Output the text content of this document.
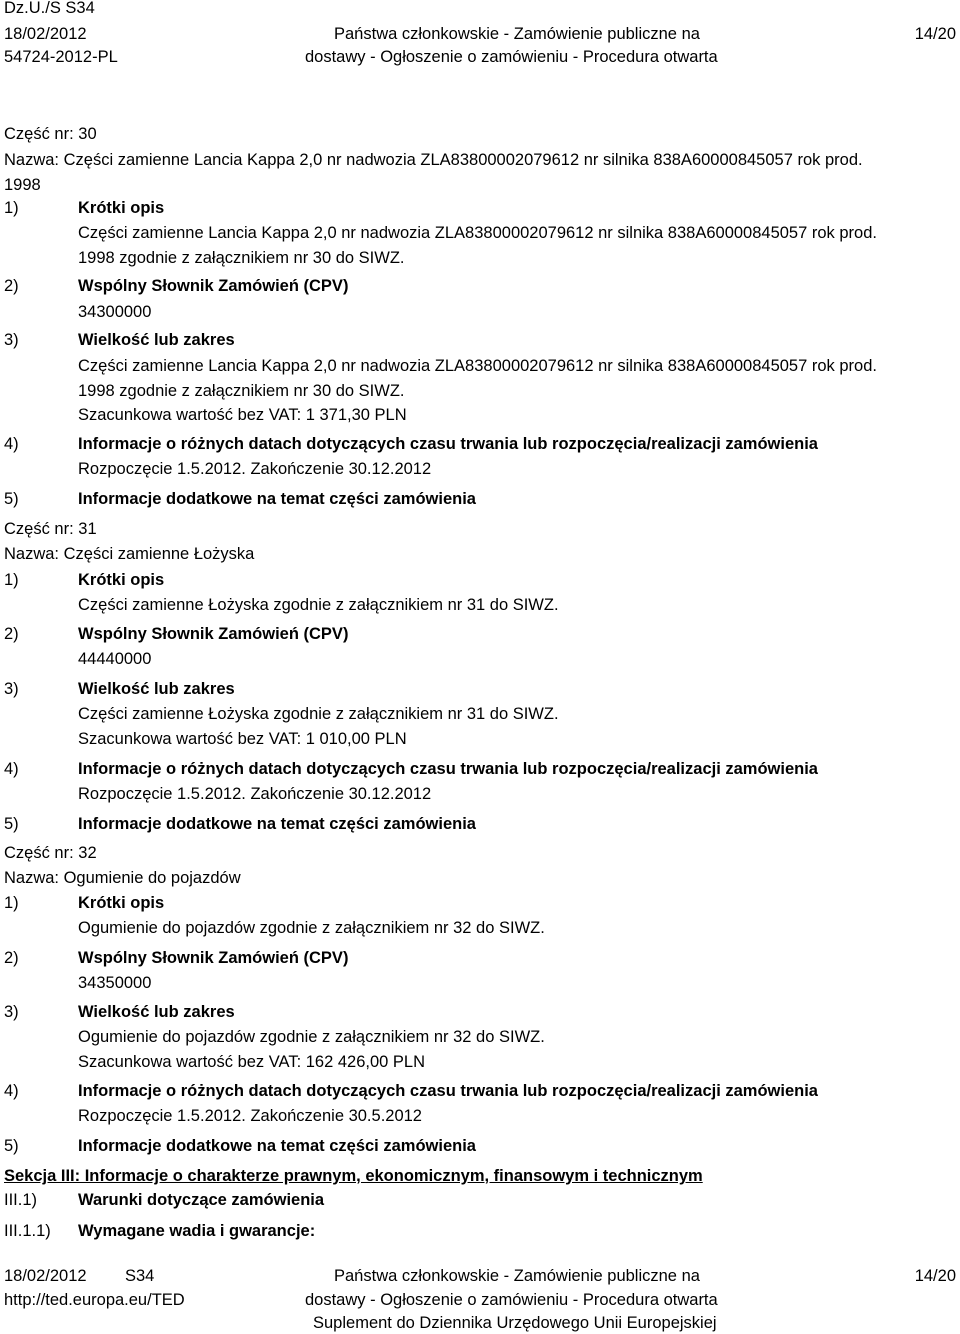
Dz.U./S S34
18/02/2012
54724-2012-PL
Państwa członkowskie - Zamówienie publiczne na
dostawy - Ogłoszenie o zamówieniu - Procedura otwarta
14/20
Część nr: 30
Nazwa: Części zamienne Lancia Kappa 2,0 nr nadwozia ZLA83800002079612 nr silnika 838A60000845057 rok prod.
1998
1)	Krótki opis
Części zamienne Lancia Kappa 2,0 nr nadwozia ZLA83800002079612 nr silnika 838A60000845057 rok prod.
1998 zgodnie z załącznikiem nr 30 do SIWZ.
2)	Wspólny Słownik Zamówień (CPV)
34300000
3)	Wielkość lub zakres
Części zamienne Lancia Kappa 2,0 nr nadwozia ZLA83800002079612 nr silnika 838A60000845057 rok prod.
1998 zgodnie z załącznikiem nr 30 do SIWZ.
Szacunkowa wartość bez VAT: 1 371,30 PLN
4)	Informacje o różnych datach dotyczących czasu trwania lub rozpoczęcia/realizacji zamówienia
Rozpoczęcie 1.5.2012. Zakończenie 30.12.2012
5)	Informacje dodatkowe na temat części zamówienia
Część nr: 31
Nazwa: Części zamienne Łożyska
1)	Krótki opis
Części zamienne Łożyska zgodnie z załącznikiem nr 31 do SIWZ.
2)	Wspólny Słownik Zamówień (CPV)
44440000
3)	Wielkość lub zakres
Części zamienne Łożyska zgodnie z załącznikiem nr 31 do SIWZ.
Szacunkowa wartość bez VAT: 1 010,00 PLN
4)	Informacje o różnych datach dotyczących czasu trwania lub rozpoczęcia/realizacji zamówienia
Rozpoczęcie 1.5.2012. Zakończenie 30.12.2012
5)	Informacje dodatkowe na temat części zamówienia
Część nr: 32
Nazwa: Ogumienie do pojazdów
1)	Krótki opis
Ogumienie do pojazdów zgodnie z załącznikiem nr 32 do SIWZ.
2)	Wspólny Słownik Zamówień (CPV)
34350000
3)	Wielkość lub zakres
Ogumienie do pojazdów zgodnie z załącznikiem nr 32 do SIWZ.
Szacunkowa wartość bez VAT: 162 426,00 PLN
4)	Informacje o różnych datach dotyczących czasu trwania lub rozpoczęcia/realizacji zamówienia
Rozpoczęcie 1.5.2012. Zakończenie 30.5.2012
5)	Informacje dodatkowe na temat części zamówienia
Sekcja III: Informacje o charakterze prawnym, ekonomicznym, finansowym i technicznym
III.1) Warunki dotyczące zamówienia
III.1.1) Wymagane wadia i gwarancje:
18/02/2012 S34
http://ted.europa.eu/TED
Państwa członkowskie - Zamówienie publiczne na
dostawy - Ogłoszenie o zamówieniu - Procedura otwarta
Suplement do Dziennika Urzędowego Unii Europejskiej
14/20
